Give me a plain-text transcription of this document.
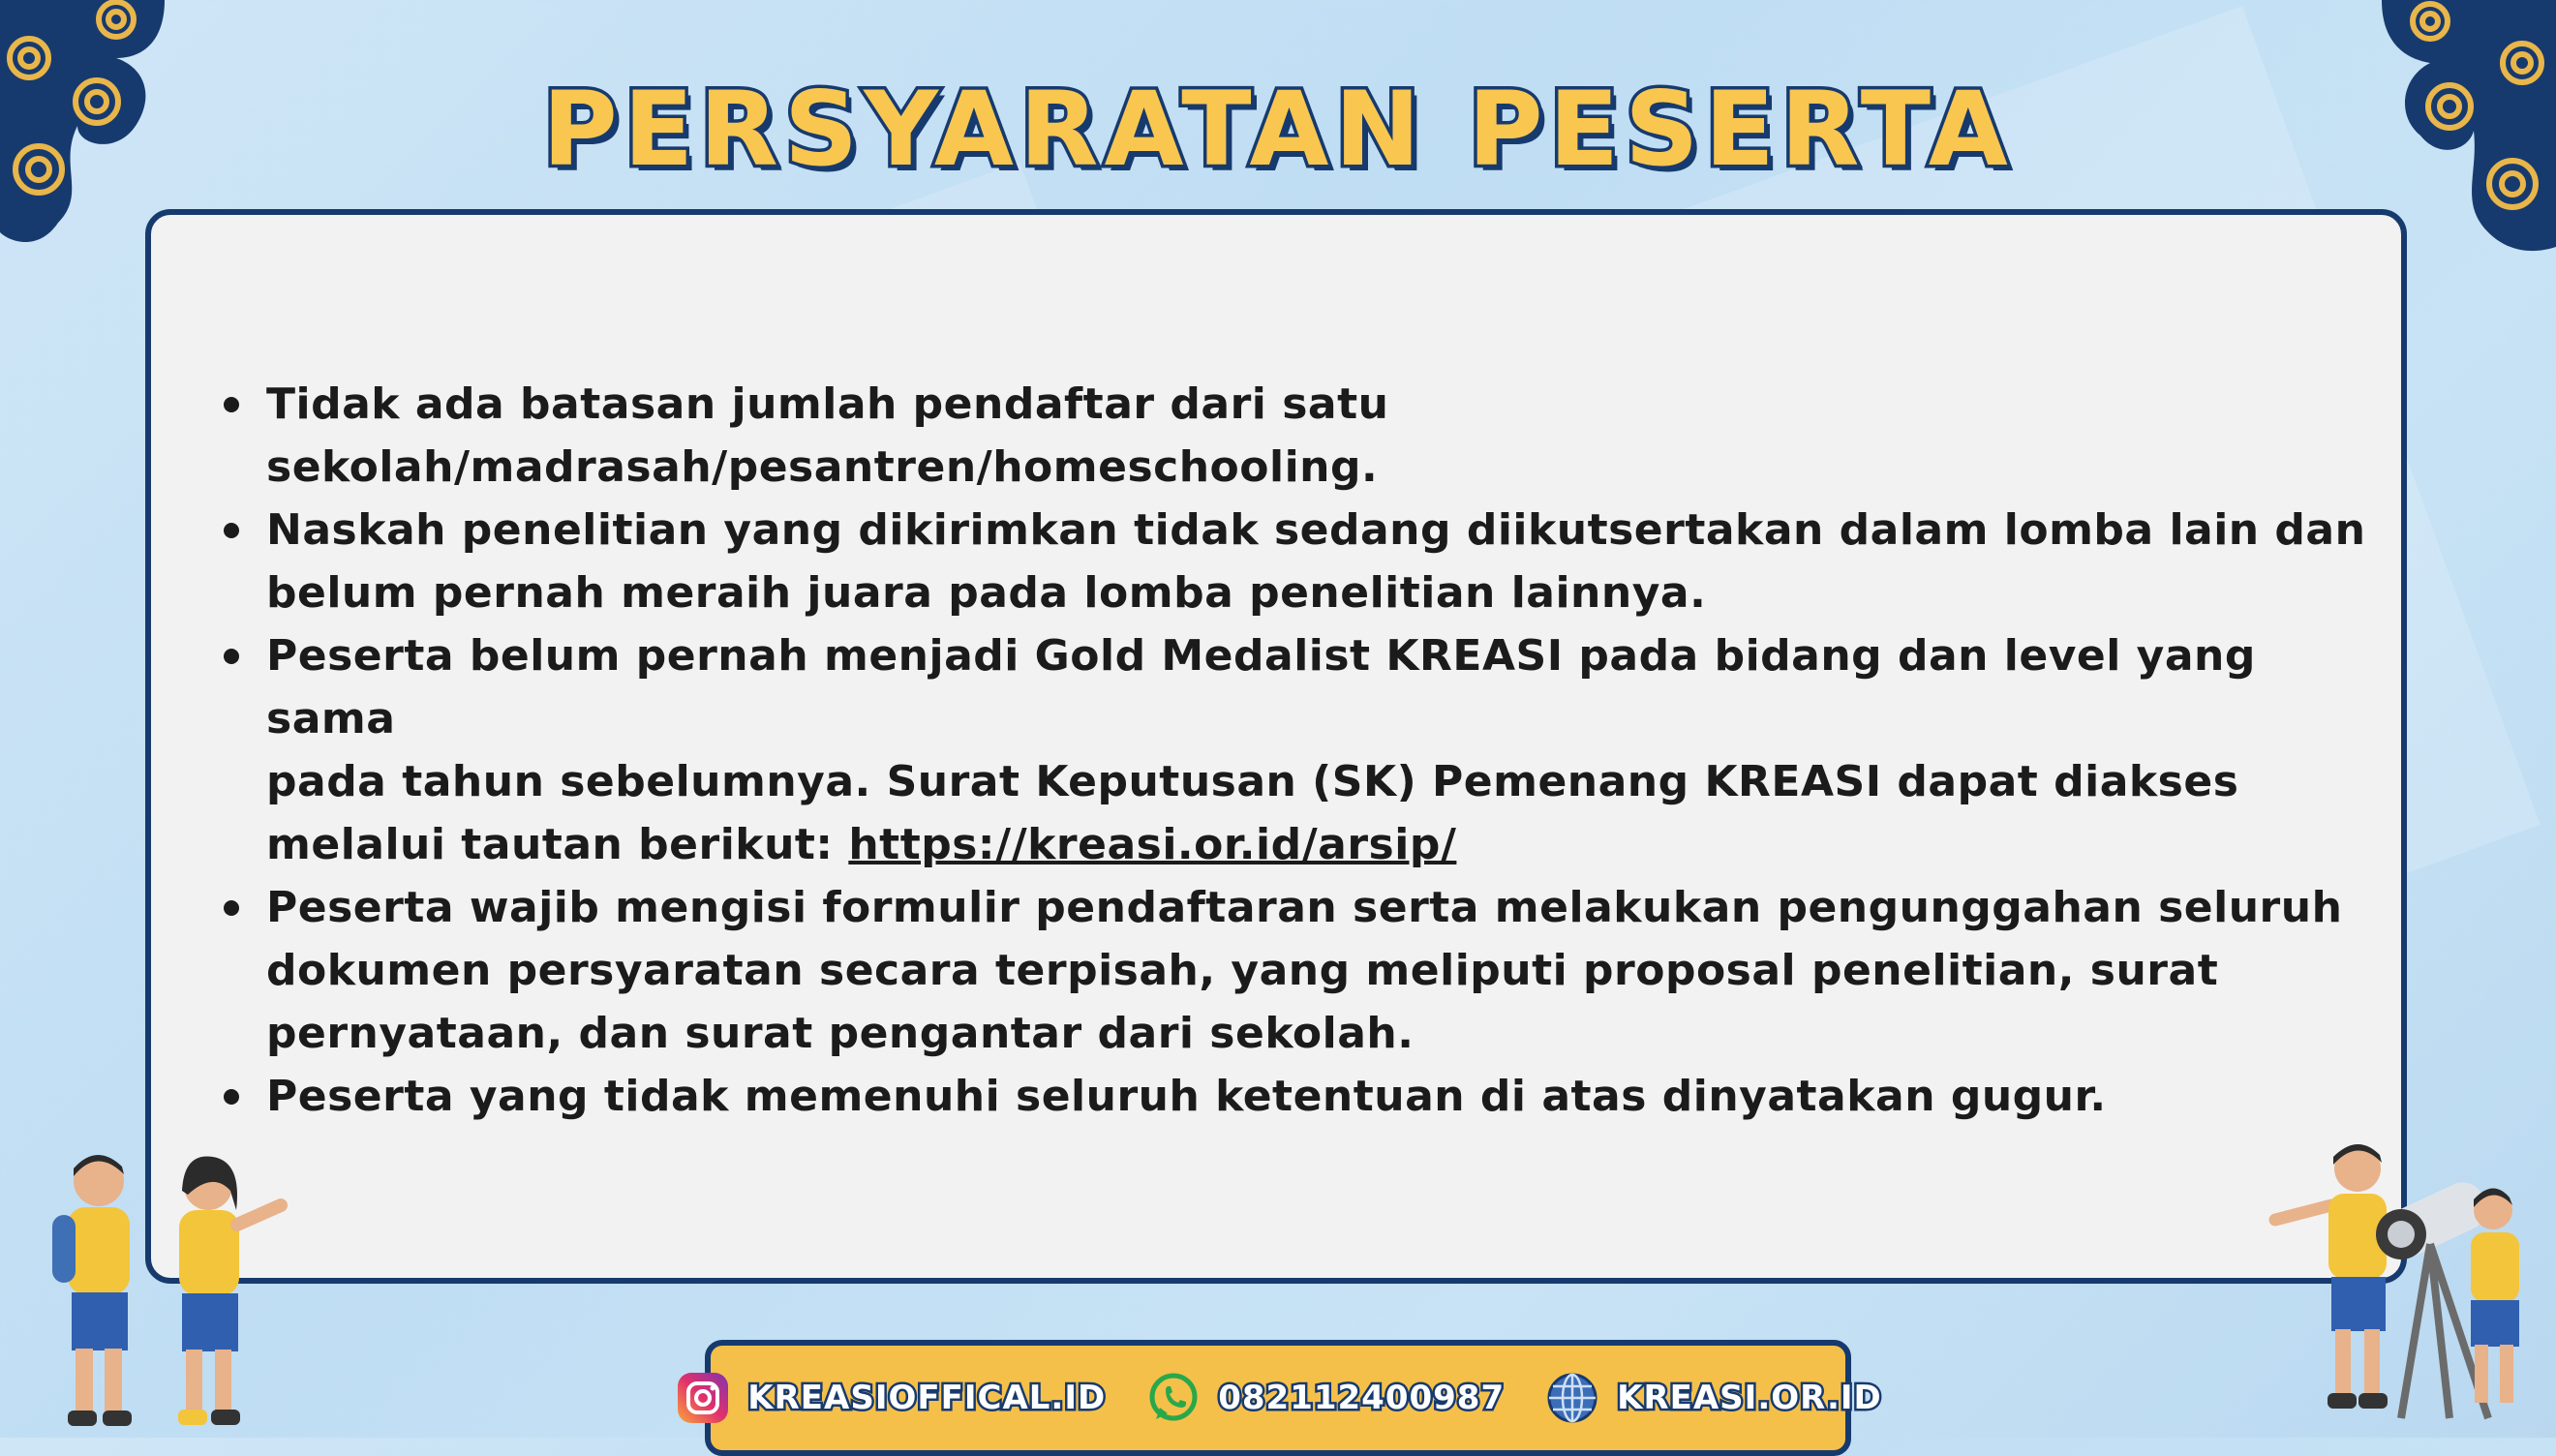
PERSYARATAN PESERTA
Tidak ada batasan jumlah pendaftar dari satu
sekolah/madrasah/pesantren/homeschooling.
Naskah penelitian yang dikirimkan tidak sedang diikutsertakan dalam lomba lain dan
belum pernah meraih juara pada lomba penelitian lainnya.
Peserta belum pernah menjadi Gold Medalist KREASI pada bidang dan level yang sama
pada tahun sebelumnya. Surat Keputusan (SK) Pemenang KREASI dapat diakses
melalui tautan berikut: https://kreasi.or.id/arsip/
Peserta wajib mengisi formulir pendaftaran serta melakukan pengunggahan seluruh
dokumen persyaratan secara terpisah, yang meliputi proposal penelitian, surat
pernyataan, dan surat pengantar dari sekolah.
Peserta yang tidak memenuhi seluruh ketentuan di atas dinyatakan gugur.
KREASIOFFICAL.ID	082112400987	KREASI.OR.ID
